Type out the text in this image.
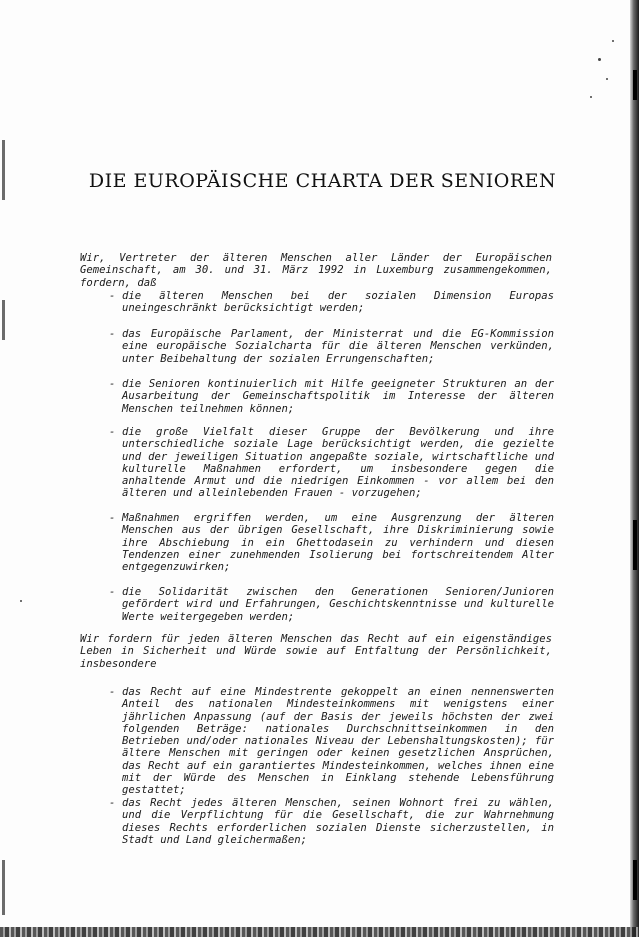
DIE EUROPÄISCHE CHARTA DER SENIOREN

Wir, Vertreter der älteren Menschen aller Länder der Europäischen Gemeinschaft, am 30. und 31. März 1992 in Luxemburg zusammengekommen, fordern, daß

- die älteren Menschen bei der sozialen Dimension Europas uneingeschränkt berücksichtigt werden;
- das Europäische Parlament, der Ministerrat und die EG-Kommission eine europäische Sozialcharta für die älteren Menschen verkünden, unter Beibehaltung der sozialen Errungenschaften;
- die Senioren kontinuierlich mit Hilfe geeigneter Strukturen an der Ausarbeitung der Gemeinschaftspolitik im Interesse der älteren Menschen teilnehmen können;
- die große Vielfalt dieser Gruppe der Bevölkerung und ihre unterschiedliche soziale Lage berücksichtigt werden, die gezielte und der jeweiligen Situation angepaßte soziale, wirtschaftliche und kulturelle Maßnahmen erfordert, um insbesondere gegen die anhaltende Armut und die niedrigen Einkommen - vor allem bei den älteren und alleinlebenden Frauen - vorzugehen;
- Maßnahmen ergriffen werden, um eine Ausgrenzung der älteren Menschen aus der übrigen Gesellschaft, ihre Diskriminierung sowie ihre Abschiebung in ein Ghettodasein zu verhindern und diesen Tendenzen einer zunehmenden Isolierung bei fortschreitendem Alter entgegenzuwirken;
- die Solidarität zwischen den Generationen Senioren/Junioren gefördert wird und Erfahrungen, Geschichtskenntnisse und kulturelle Werte weitergegeben werden;

Wir fordern für jeden älteren Menschen das Recht auf ein eigenständiges Leben in Sicherheit und Würde sowie auf Entfaltung der Persönlichkeit, insbesondere

- das Recht auf eine Mindestrente gekoppelt an einen nennenswerten Anteil des nationalen Mindesteinkommens mit wenigstens einer jährlichen Anpassung (auf der Basis der jeweils höchsten der zwei folgenden Beträge: nationales Durchschnittseinkommen in den Betrieben und/oder nationales Niveau der Lebenshaltungskosten); für ältere Menschen mit geringen oder keinen gesetzlichen Ansprüchen, das Recht auf ein garantiertes Mindesteinkommen, welches ihnen eine mit der Würde des Menschen in Einklang stehende Lebensführung gestattet;
- das Recht jedes älteren Menschen, seinen Wohnort frei zu wählen, und die Verpflichtung für die Gesellschaft, die zur Wahrnehmung dieses Rechts erforderlichen sozialen Dienste sicherzustellen, in Stadt und Land gleichermaßen;
